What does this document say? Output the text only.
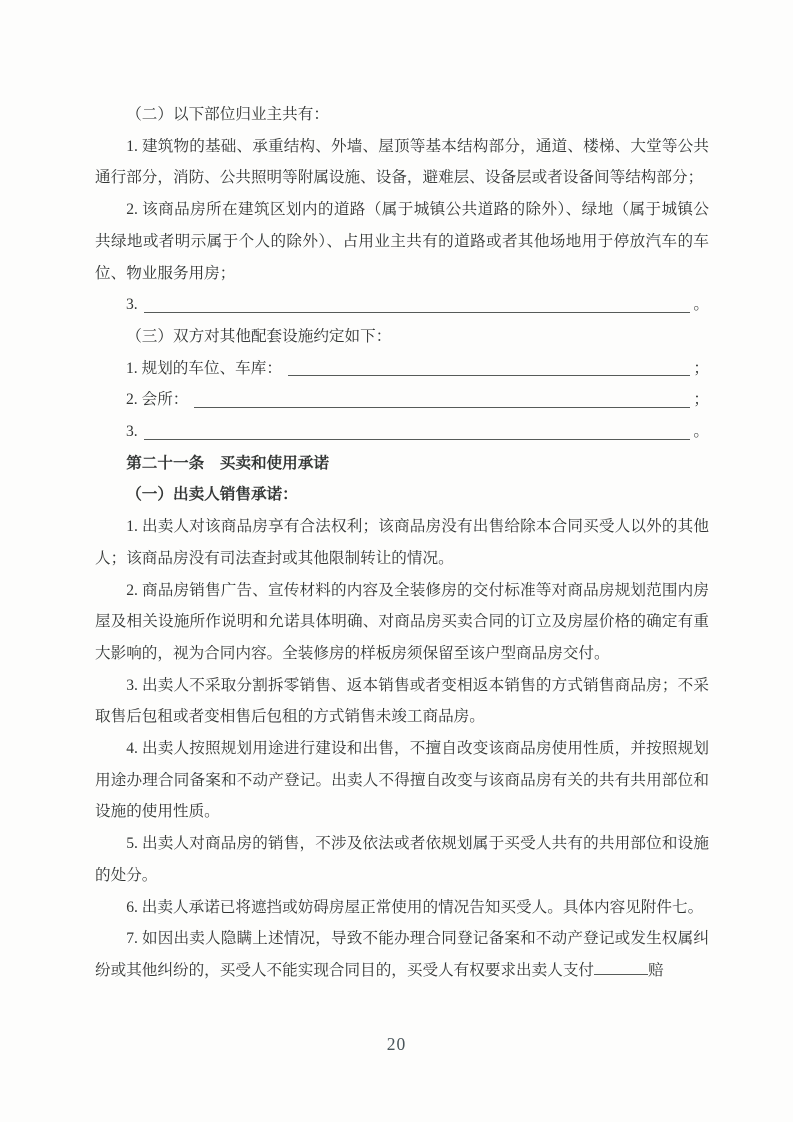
（二）以下部位归业主共有：

1. 建筑物的基础、承重结构、外墙、屋顶等基本结构部分，通道、楼梯、大堂等公共通行部分，消防、公共照明等附属设施、设备，避难层、设备层或者设备间等结构部分；

2. 该商品房所在建筑区划内的道路（属于城镇公共道路的除外）、绿地（属于城镇公共绿地或者明示属于个人的除外）、占用业主共有的道路或者其他场地用于停放汽车的车位、物业服务用房；

3.	。

（三）双方对其他配套设施约定如下：

1. 规划的车位、车库：	；

2. 会所：	；

3.	。

第二十一条　买卖和使用承诺

（一）出卖人销售承诺：

1. 出卖人对该商品房享有合法权利；该商品房没有出售给除本合同买受人以外的其他人；该商品房没有司法查封或其他限制转让的情况。

2. 商品房销售广告、宣传材料的内容及全装修房的交付标准等对商品房规划范围内房屋及相关设施所作说明和允诺具体明确、对商品房买卖合同的订立及房屋价格的确定有重大影响的，视为合同内容。全装修房的样板房须保留至该户型商品房交付。

3. 出卖人不采取分割拆零销售、返本销售或者变相返本销售的方式销售商品房；不采取售后包租或者变相售后包租的方式销售未竣工商品房。

4. 出卖人按照规划用途进行建设和出售，不擅自改变该商品房使用性质，并按照规划用途办理合同备案和不动产登记。出卖人不得擅自改变与该商品房有关的共有共用部位和设施的使用性质。

5. 出卖人对商品房的销售，不涉及依法或者依规划属于买受人共有的共用部位和设施的处分。

6. 出卖人承诺已将遮挡或妨碍房屋正常使用的情况告知买受人。具体内容见附件七。

7. 如因出卖人隐瞒上述情况，导致不能办理合同登记备案和不动产登记或发生权属纠纷或其他纠纷的，买受人不能实现合同目的，买受人有权要求出卖人支付	赔

20
